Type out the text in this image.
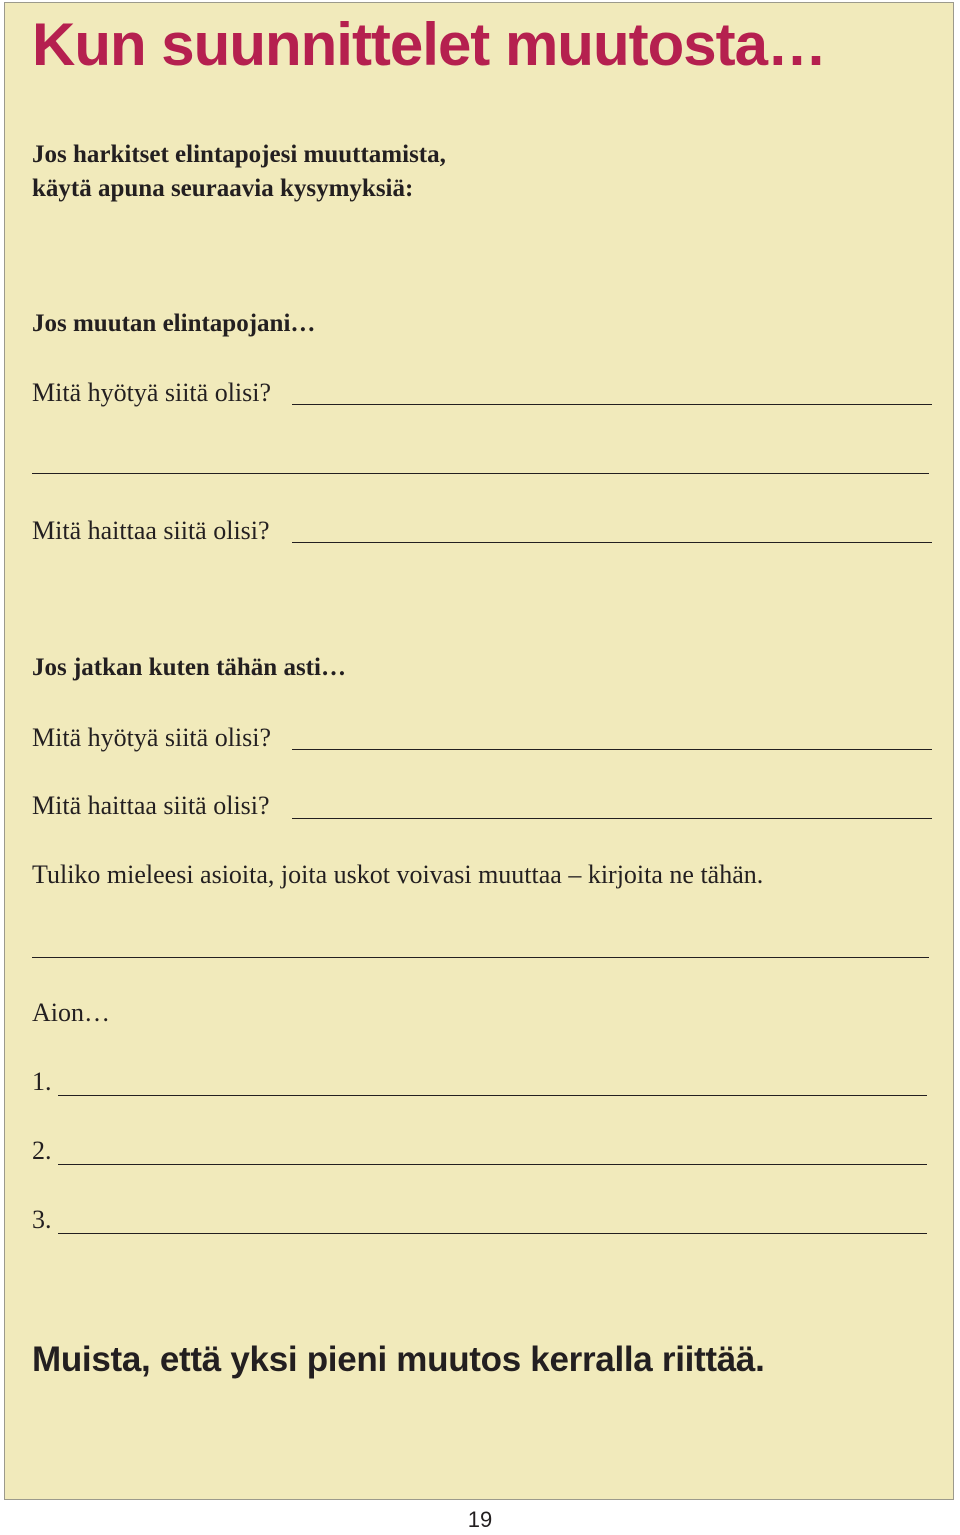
Kun suunnittelet muutosta…
Jos harkitset elintapojesi muuttamista,
käytä apuna seuraavia kysymyksiä:
Jos muutan elintapojani…
Mitä hyötyä siitä olisi?
Mitä haittaa siitä olisi?
Jos jatkan kuten tähän asti…
Mitä hyötyä siitä olisi?
Mitä haittaa siitä olisi?
Tuliko mieleesi asioita, joita uskot voivasi muuttaa – kirjoita ne tähän.
Aion…
1.
2.
3.
Muista, että yksi pieni muutos kerralla riittää.
19
